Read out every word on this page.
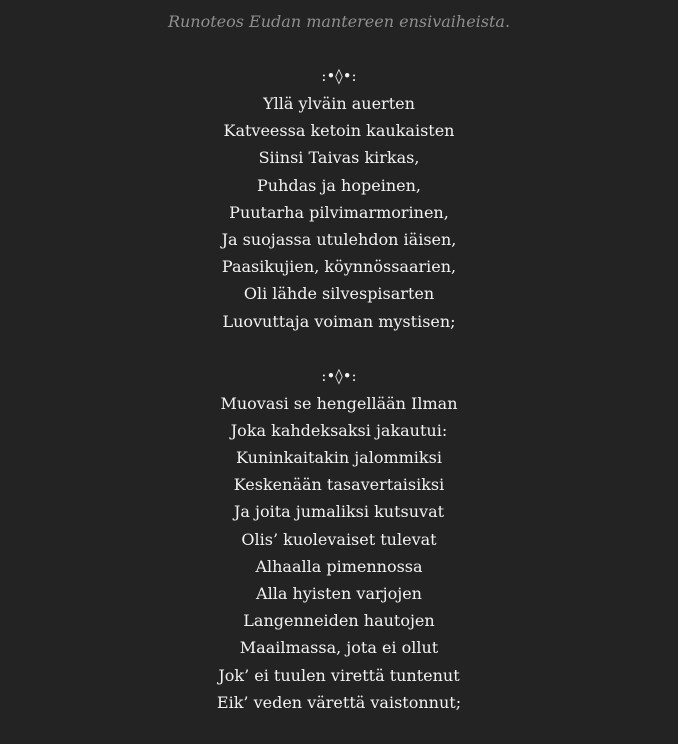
Runoteos Eudan mantereen ensivaiheista.
:•◊•:
Yllä ylväin auerten
Katveessa ketoin kaukaisten
Siinsi Taivas kirkas,
Puhdas ja hopeinen,
Puutarha pilvimarmorinen,
Ja suojassa utulehdon iäisen,
Paasikujien, köynnössaarien,
Oli lähde silvespisarten
Luovuttaja voiman mystisen;
:•◊•:
Muovasi se hengellään Ilman
Joka kahdeksaksi jakautui:
Kuninkaitakin jalommiksi
Keskenään tasavertaisiksi
Ja joita jumaliksi kutsuvat
Olis’ kuolevaiset tulevat
Alhaalla pimennossa
Alla hyisten varjojen
Langenneiden hautojen
Maailmassa, jota ei ollut
Jok’ ei tuulen virettä tuntenut
Eik’ veden värettä vaistonnut;
